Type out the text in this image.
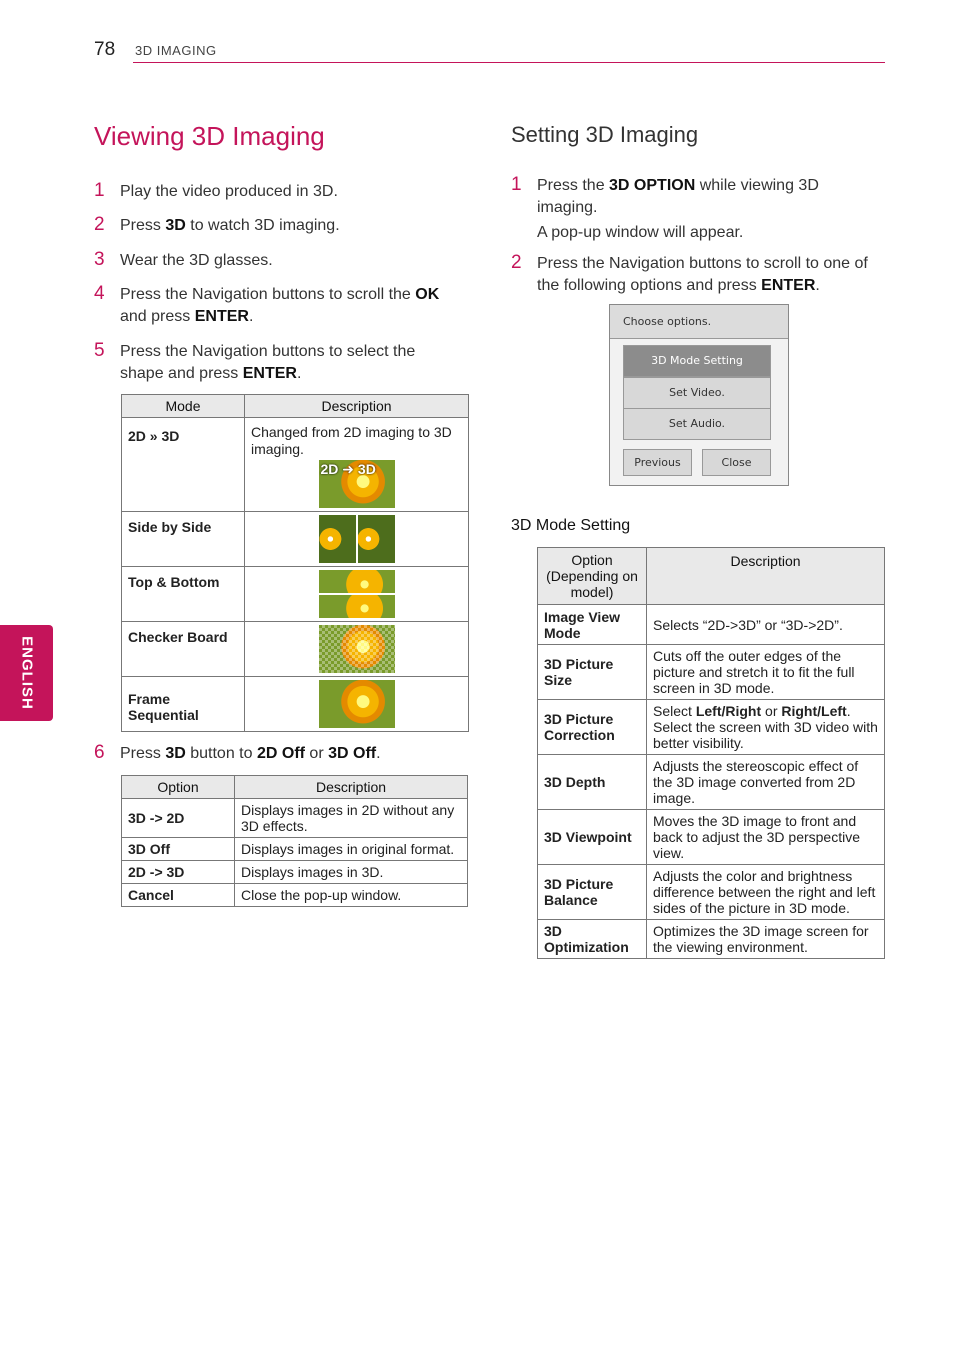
78 3D IMAGING
ENGLISH
Viewing 3D Imaging
1 Play the video produced in 3D.
2 Press 3D to watch 3D imaging.
3 Wear the 3D glasses.
4 Press the Navigation buttons to scroll the OK
and press ENTER.
5 Press the Navigation buttons to select the
shape and press ENTER.
Mode	Description
2D » 3D	Changed from 2D imaging to 3D imaging.
2D ➜ 3D

Side by Side	

Top & Bottom	

Checker Board	

Frame Sequential	
6 Press 3D button to 2D Off or 3D Off.
Option	Description
3D -> 2D	Displays images in 2D without any 3D effects.
3D Off	Displays images in original format.
2D -> 3D	Displays images in 3D.
Cancel	Close the pop-up window.
Setting 3D Imaging
1 Press the 3D OPTION while viewing 3D
imaging.
A pop-up window will appear.
2 Press the Navigation buttons to scroll to one of
the following options and press ENTER.
Choose options.
3D Mode Setting
Set Video.
Set Audio.
Previous	Close
3D Mode Setting
Option (Depending on model)	Description
Image View Mode	Selects “2D->3D” or “3D->2D”.
3D Picture Size	Cuts off the outer edges of the picture and stretch it to fit the full screen in 3D mode.
3D Picture Correction	Select Left/Right or Right/Left. Select the screen with 3D video with better visibility.
3D Depth	Adjusts the stereoscopic effect of the 3D image converted from 2D image.
3D Viewpoint	Moves the 3D image to front and back to adjust the 3D perspective view.
3D Picture Balance	Adjusts the color and brightness difference between the right and left sides of the picture in 3D mode.
3D Optimization	Optimizes the 3D image screen for the viewing environment.
